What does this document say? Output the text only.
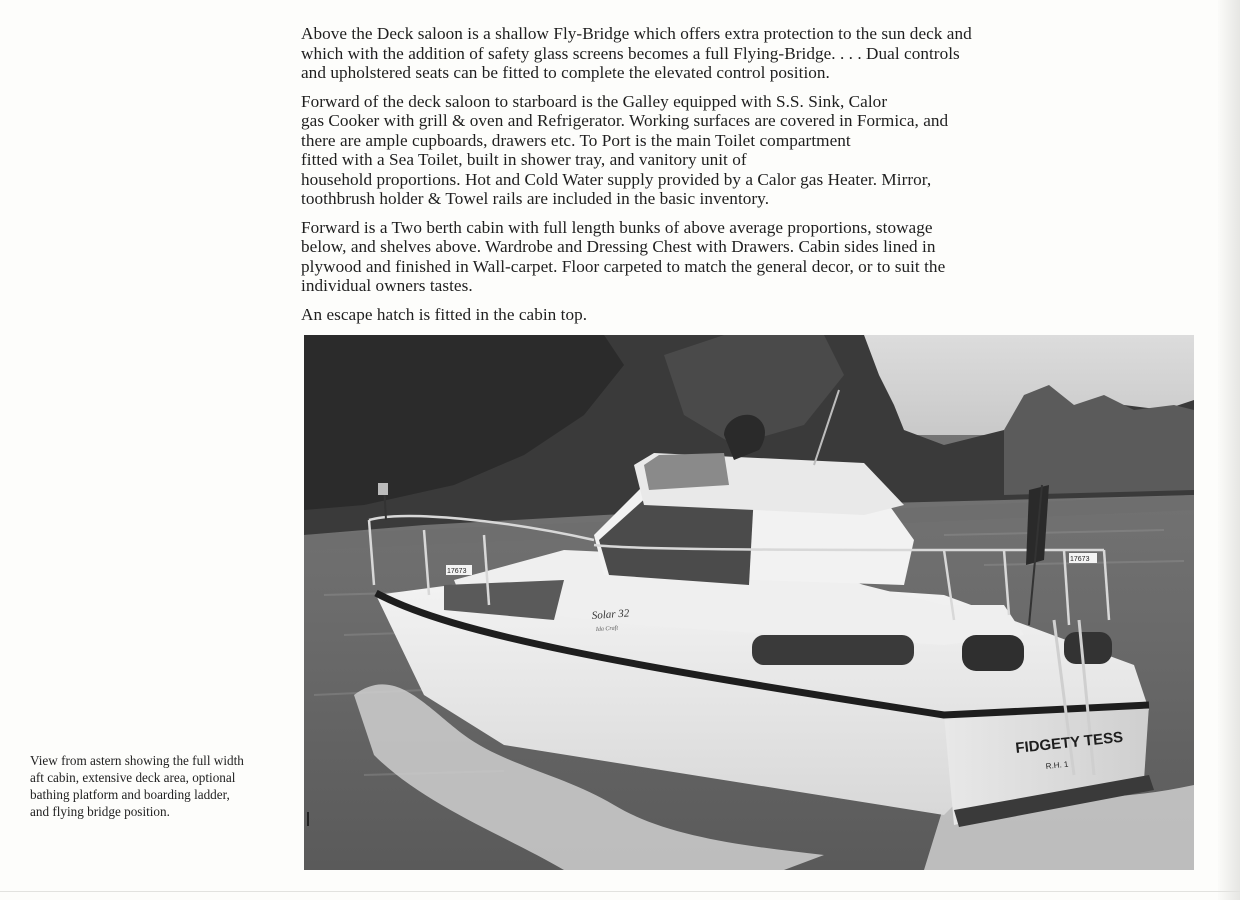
Above the Deck saloon is a shallow Fly-Bridge which offers extra protection to the sun deck and
which with the addition of safety glass screens becomes a full Flying-Bridge. . . . Dual controls
and upholstered seats can be fitted to complete the elevated control position.

Forward of the deck saloon to starboard is the Galley equipped with S.S. Sink, Calor
gas Cooker with grill & oven and Refrigerator. Working surfaces are covered in Formica, and
there are ample cupboards, drawers etc. To Port is the main Toilet compartment
fitted with a Sea Toilet, built in shower tray, and vanitory unit of
household proportions. Hot and Cold Water supply provided by a Calor gas Heater. Mirror,
toothbrush holder & Towel rails are included in the basic inventory.

Forward is a Two berth cabin with full length bunks of above average proportions, stowage
below, and shelves above. Wardrobe and Dressing Chest with Drawers. Cabin sides lined in
plywood and finished in Wall-carpet. Floor carpeted to match the general decor, or to suit the
individual owners tastes.

An escape hatch is fitted in the cabin top.

FIDGETY TESS
R.H. 1
Solar 32
Ida Craft
17673
17673
View from astern showing the full width
aft cabin, extensive deck area, optional
bathing platform and boarding ladder,
and flying bridge position.
